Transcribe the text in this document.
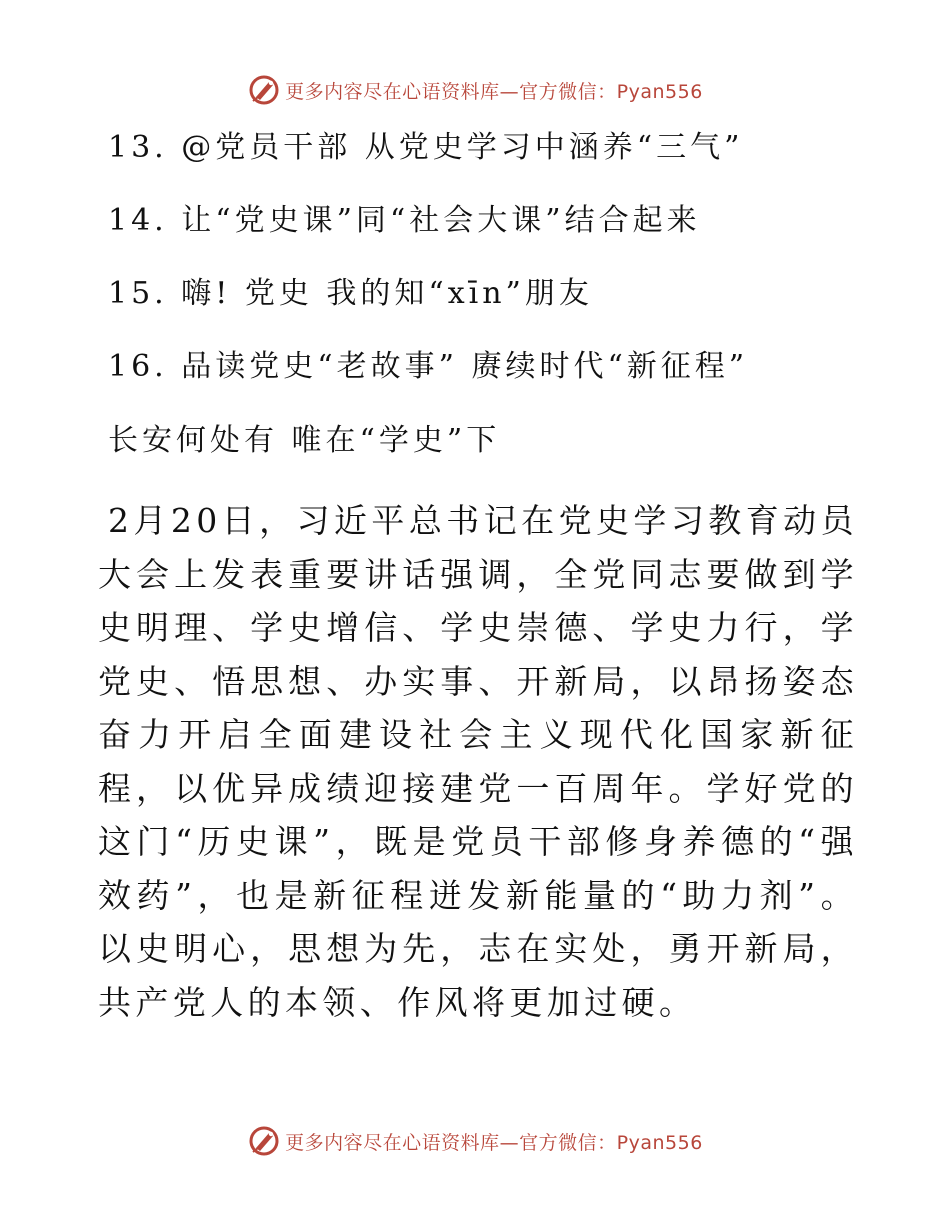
更多内容尽在心语资料库—官方微信：Pyan556
13. @党员干部 从党史学习中涵养“三气”
14. 让“党史课”同“社会大课”结合起来
15. 嗨! 党史 我的知“xīn”朋友
16. 品读党史“老故事” 赓续时代“新征程”
长安何处有 唯在“学史”下
2月20日，习近平总书记在党史学习教育动员大会上发表重要讲话强调，全党同志要做到学史明理、学史增信、学史崇德、学史力行，学党史、悟思想、办实事、开新局，以昂扬姿态奋力开启全面建设社会主义现代化国家新征程，以优异成绩迎接建党一百周年。学好党的这门“历史课”，既是党员干部修身养德的“强效药”，也是新征程迸发新能量的“助力剂”。以史明心，思想为先，志在实处，勇开新局，共产党人的本领、作风将更加过硬。
更多内容尽在心语资料库—官方微信：Pyan556
